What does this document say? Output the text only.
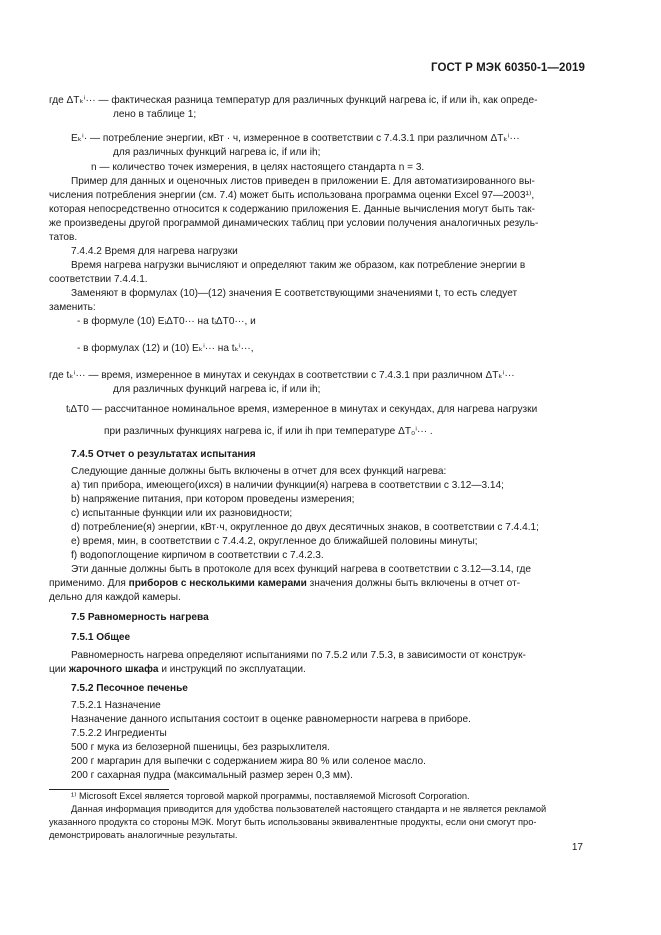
ГОСТ Р МЭК 60350-1—2019
где ΔTₖⁱ··· — фактическая разница температур для различных функций нагрева ic, if или ih, как опреде-
лено в таблице 1;
Eₖⁱ· — потребление энергии, кВт · ч, измеренное в соответствии с 7.4.3.1 при различном ΔTₖⁱ···
для различных функций нагрева ic, if или ih;
n — количество точек измерения, в целях настоящего стандарта n = 3.
Пример для данных и оценочных листов приведен в приложении Е. Для автоматизированного вы-
числения потребления энергии (см. 7.4) может быть использована программа оценки Excel 97—2003¹⁾,
которая непосредственно относится к содержанию приложения Е. Данные вычисления могут быть так-
же произведены другой программой динамических таблиц при условии получения аналогичных резуль-
татов.
7.4.4.2 Время для нагрева нагрузки
Время нагрева нагрузки вычисляют и определяют таким же образом, как потребление энергии в
соответствии 7.4.4.1.
Заменяют в формулах (10)—(12) значения E соответствующими значениями t, то есть следует
заменить:
- в формуле (10) EᵢΔT0··· на tᵢΔT0···, и
- в формулах (12) и (10) Eₖⁱ··· на tₖⁱ···,
где tₖⁱ··· — время, измеренное в минутах и секундах в соответствии с 7.4.3.1 при различном ΔTₖⁱ···
для различных функций нагрева ic, if или ih;
tᵢΔT0 — рассчитанное номинальное время, измеренное в минутах и секундах, для нагрева нагрузки
при различных функциях нагрева ic, if или ih при температуре ΔT₀ⁱ··· .
7.4.5 Отчет о результатах испытания
Следующие данные должны быть включены в отчет для всех функций нагрева:
а) тип прибора, имеющего(ихся) в наличии функции(я) нагрева в соответствии с 3.12—3.14;
b) напряжение питания, при котором проведены измерения;
c) испытанные функции или их разновидности;
d) потребление(я) энергии, кВт·ч, округленное до двух десятичных знаков, в соответствии с 7.4.4.1;
e) время, мин, в соответствии с 7.4.4.2, округленное до ближайшей половины минуты;
f) водопоглощение кирпичом в соответствии с 7.4.2.3.
Эти данные должны быть в протоколе для всех функций нагрева в соответствии с 3.12—3.14, где
применимо. Для приборов с несколькими камерами значения должны быть включены в отчет от-
дельно для каждой камеры.
7.5 Равномерность нагрева
7.5.1 Общее
Равномерность нагрева определяют испытаниями по 7.5.2 или 7.5.3, в зависимости от конструк-
ции жарочного шкафа и инструкций по эксплуатации.
7.5.2 Песочное печенье
7.5.2.1 Назначение
Назначение данного испытания состоит в оценке равномерности нагрева в приборе.
7.5.2.2 Ингредиенты
500 г мука из белозерной пшеницы, без разрыхлителя.
200 г маргарин для выпечки с содержанием жира 80 % или соленое масло.
200 г сахарная пудра (максимальный размер зерен 0,3 мм).
¹⁾ Microsoft Excel является торговой маркой программы, поставляемой Microsoft Corporation.
Данная информация приводится для удобства пользователей настоящего стандарта и не является рекламой
указанного продукта со стороны МЭК. Могут быть использованы эквивалентные продукты, если они смогут про-
демонстрировать аналогичные результаты.
17
